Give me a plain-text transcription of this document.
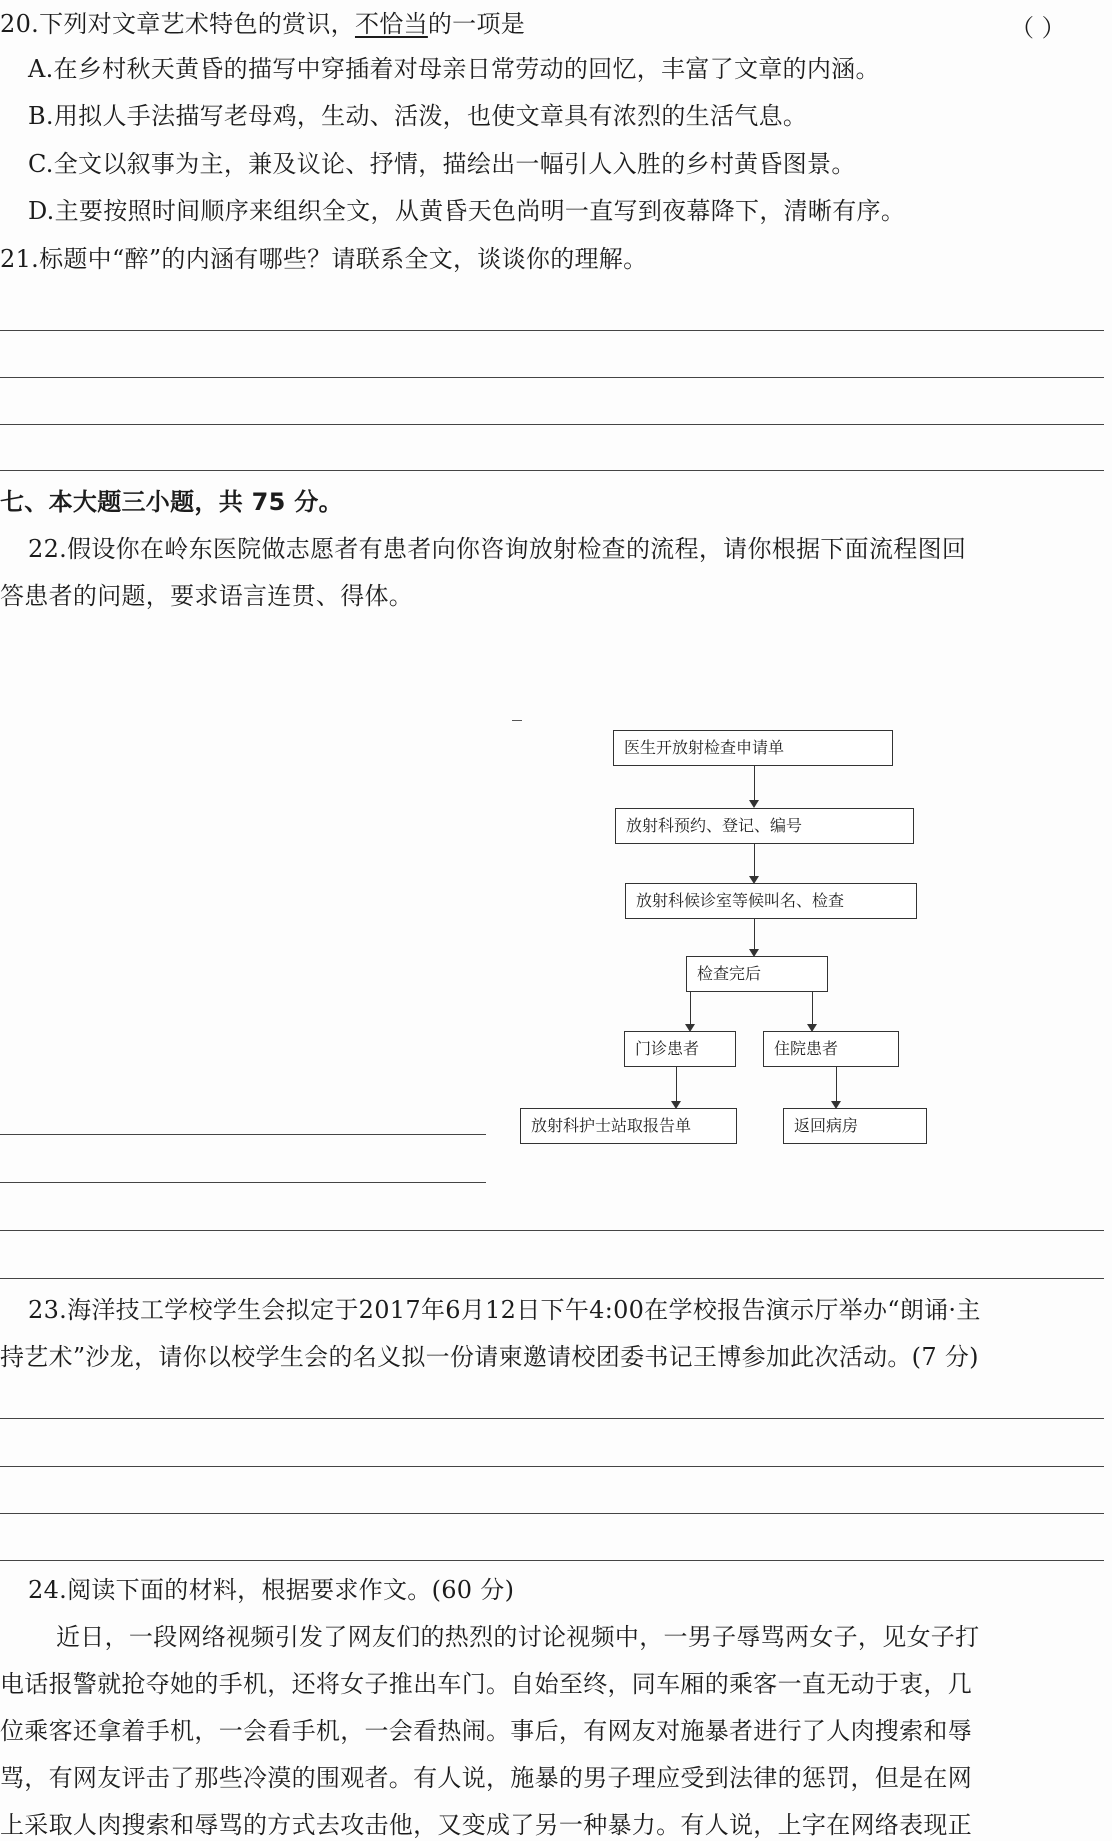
20.下列对文章艺术特色的赏识，不恰当的一项是	（ ）
A.在乡村秋天黄昏的描写中穿插着对母亲日常劳动的回忆，丰富了文章的内涵。
B.用拟人手法描写老母鸡，生动、活泼，也使文章具有浓烈的生活气息。
C.全文以叙事为主，兼及议论、抒情，描绘出一幅引人入胜的乡村黄昏图景。
D.主要按照时间顺序来组织全文，从黄昏天色尚明一直写到夜幕降下，清晰有序。
21.标题中“醉”的内涵有哪些？请联系全文，谈谈你的理解。
七、本大题三小题，共 75 分。
22.假设你在岭东医院做志愿者有患者向你咨询放射检查的流程，请你根据下面流程图回
答患者的问题，要求语言连贯、得体。
医生开放射检查申请单
放射科预约、登记、编号
放射科候诊室等候叫名、检查
检查完后
门诊患者	住院患者
放射科护士站取报告单	返回病房
23.海洋技工学校学生会拟定于2017年6月12日下午4:00在学校报告演示厅举办“朗诵·主
持艺术”沙龙，请你以校学生会的名义拟一份请柬邀请校团委书记王博参加此次活动。(7 分)
24.阅读下面的材料，根据要求作文。(60 分)
近日，一段网络视频引发了网友们的热烈的讨论视频中，一男子辱骂两女子，见女子打
电话报警就抢夺她的手机，还将女子推出车门。自始至终，同车厢的乘客一直无动于衷，几
位乘客还拿着手机，一会看手机，一会看热闹。事后，有网友对施暴者进行了人肉搜索和辱
骂，有网友评击了那些冷漠的围观者。有人说，施暴的男子理应受到法律的惩罚，但是在网
上采取人肉搜索和辱骂的方式去攻击他，又变成了另一种暴力。有人说，上字在网络表现正
